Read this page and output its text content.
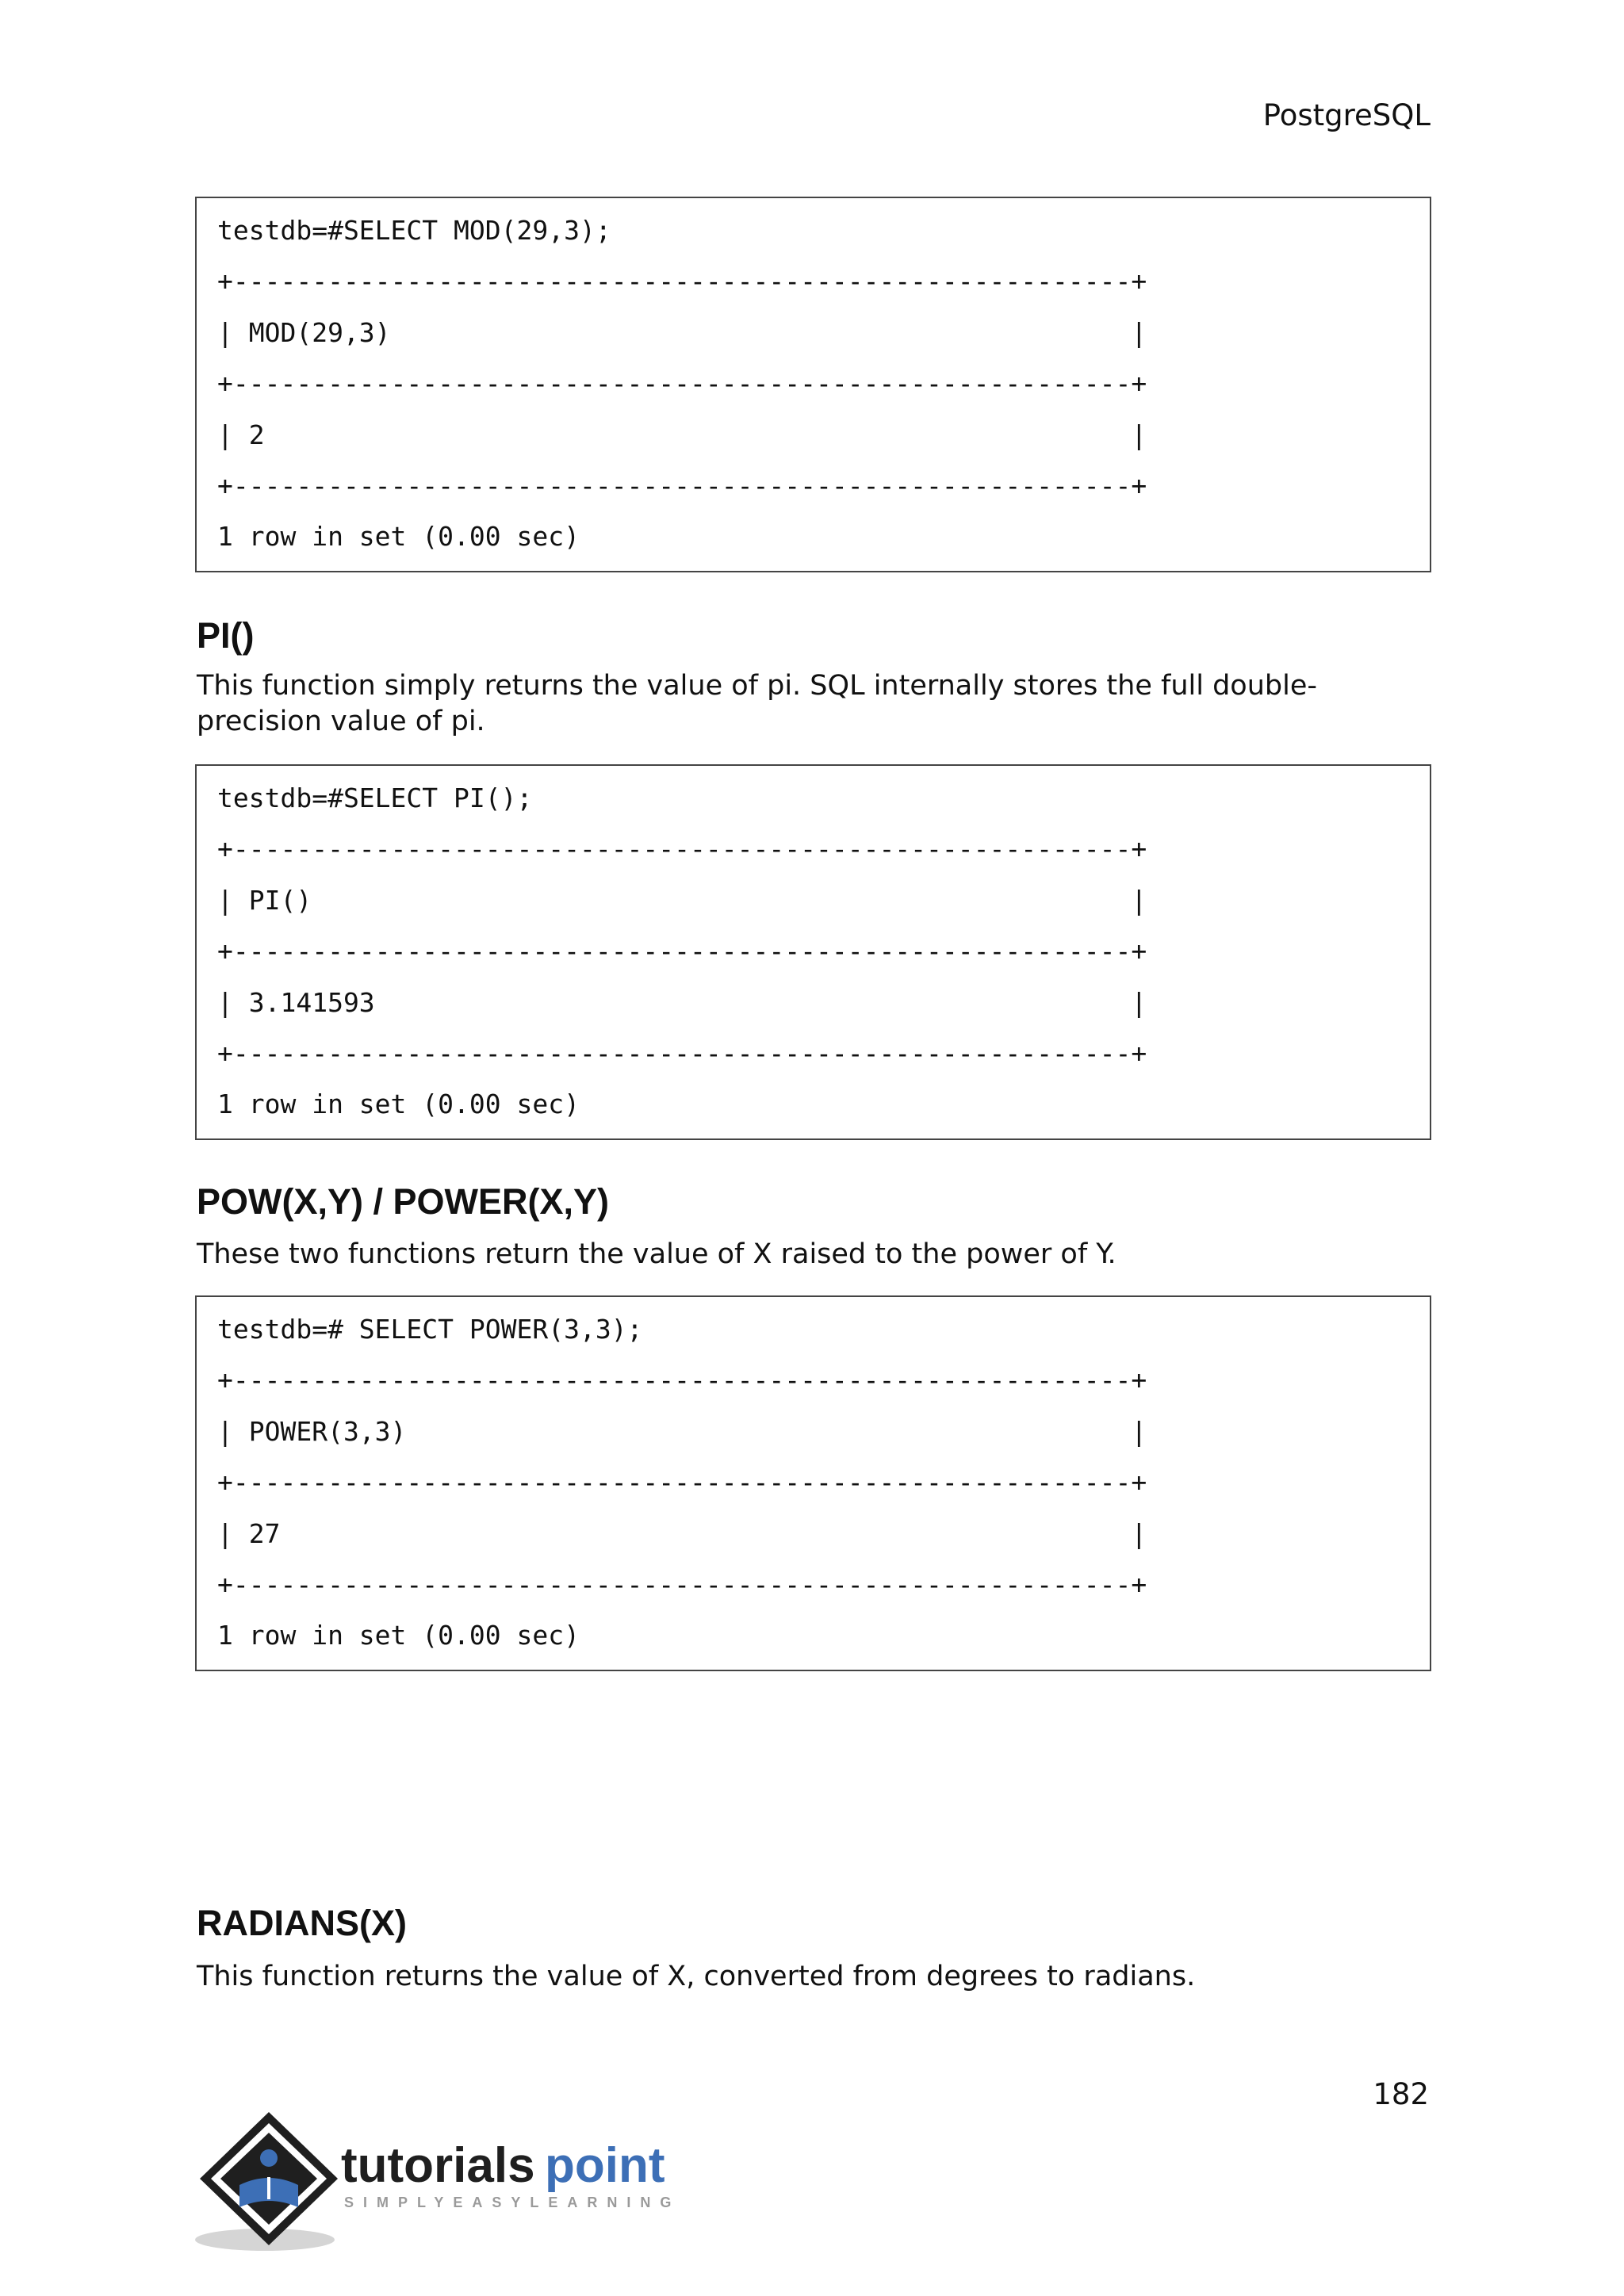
PostgreSQL
testdb=#SELECT MOD(29,3);
+---------------------------------------------------------+
| MOD(29,3)                                               |
+---------------------------------------------------------+
| 2                                                       |
+---------------------------------------------------------+
1 row in set (0.00 sec)
PI()

This function simply returns the value of pi. SQL internally stores the full double-precision value of pi.

testdb=#SELECT PI();
+---------------------------------------------------------+
| PI()                                                    |
+---------------------------------------------------------+
| 3.141593                                                |
+---------------------------------------------------------+
1 row in set (0.00 sec)
POW(X,Y) / POWER(X,Y)

These two functions return the value of X raised to the power of Y.

testdb=# SELECT POWER(3,3);
+---------------------------------------------------------+
| POWER(3,3)                                              |
+---------------------------------------------------------+
| 27                                                      |
+---------------------------------------------------------+
1 row in set (0.00 sec)
RADIANS(X)

This function returns the value of X, converted from degrees to radians.

182
tutorials point
SIMPLYEASYLEARNING
